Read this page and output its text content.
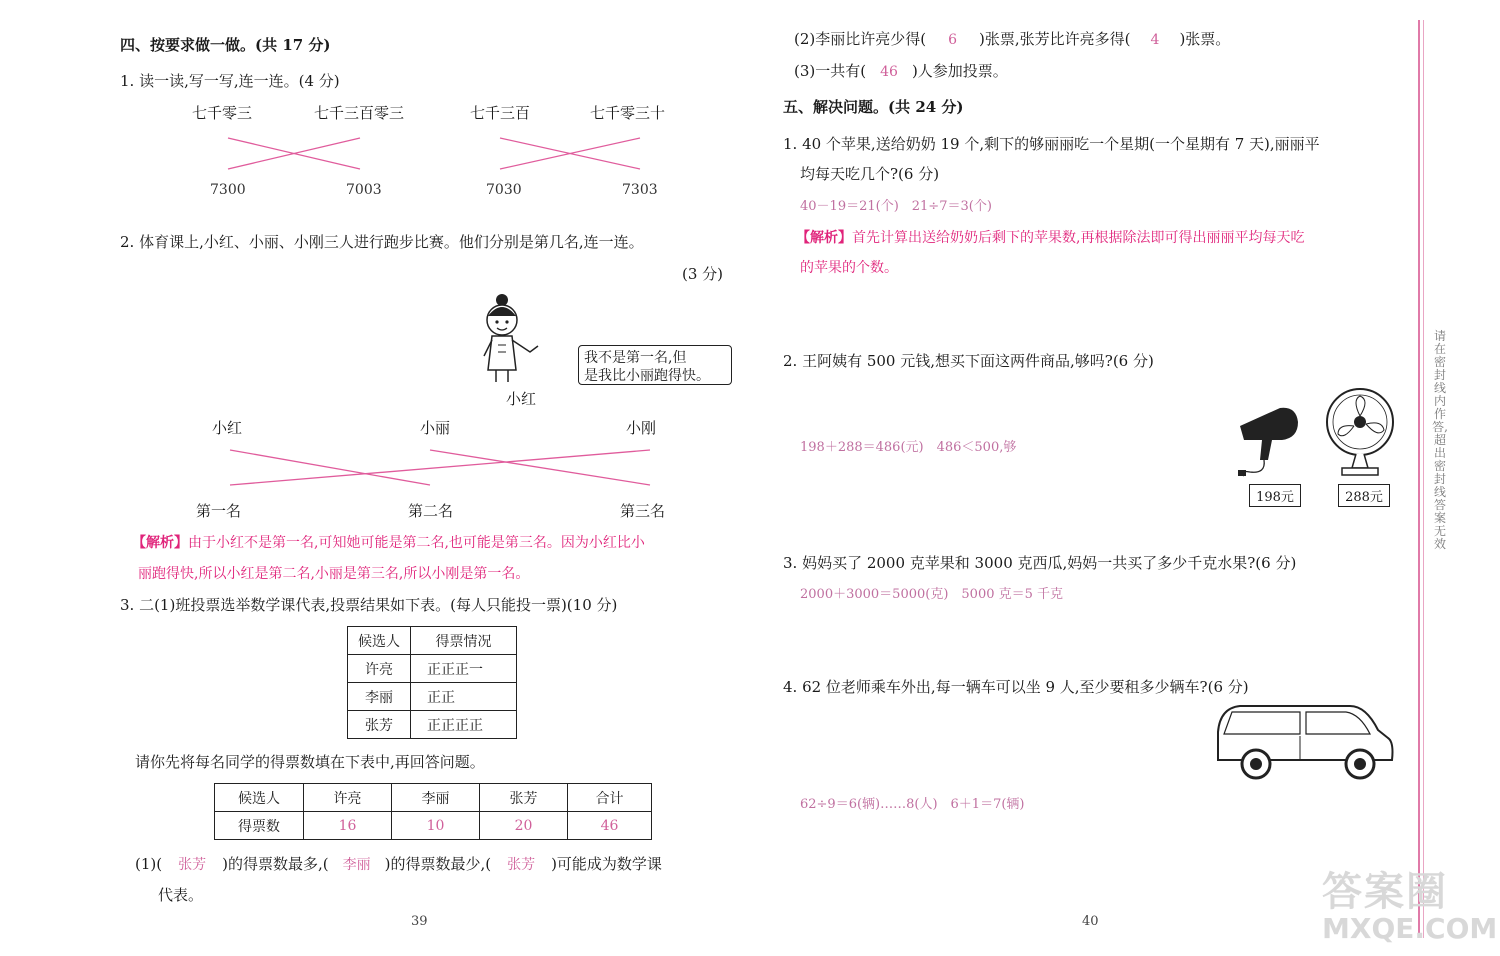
四、按要求做一做。(共 17 分)
1. 读一读,写一写,连一连。(4 分)
七千零三	七千三百零三	七千三百	七千零三十
7300	7003	7030	7303
2. 体育课上,小红、小丽、小刚三人进行跑步比赛。他们分别是第几名,连一连。
(3 分)
我不是第一名,但
是我比小丽跑得快。
小红
小红	小丽	小刚
第一名	第二名	第三名
【解析】由于小红不是第一名,可知她可能是第二名,也可能是第三名。因为小红比小
丽跑得快,所以小红是第二名,小丽是第三名,所以小刚是第一名。
3. 二(1)班投票选举数学课代表,投票结果如下表。(每人只能投一票)(10 分)
候选人	得票情况
许亮	正正正一
李丽	正正
张芳	正正正正
请你先将每名同学的得票数填在下表中,再回答问题。
候选人	许亮	李丽	张芳	合计
得票数	16	10	20	46
(1)( 张芳 )的得票数最多,( 李丽 )的得票数最少,( 张芳 )可能成为数学课
代表。
39
(2)李丽比许亮少得( 6 )张票,张芳比许亮多得( 4 )张票。
(3)一共有( 46 )人参加投票。
五、解决问题。(共 24 分)
1. 40 个苹果,送给奶奶 19 个,剩下的够丽丽吃一个星期(一个星期有 7 天),丽丽平
均每天吃几个?(6 分)
40－19＝21(个)　21÷7＝3(个)
【解析】首先计算出送给奶奶后剩下的苹果数,再根据除法即可得出丽丽平均每天吃
的苹果的个数。
2. 王阿姨有 500 元钱,想买下面这两件商品,够吗?(6 分)
198＋288＝486(元)　486＜500,够
198元	288元
3. 妈妈买了 2000 克苹果和 3000 克西瓜,妈妈一共买了多少千克水果?(6 分)
2000＋3000＝5000(克)　5000 克＝5 千克
4. 62 位老师乘车外出,每一辆车可以坐 9 人,至少要租多少辆车?(6 分)
62÷9＝6(辆)……8(人)　6＋1＝7(辆)
40
请在密封线内作答,超出密封线答案无效
答案圈
MXQE.COM
